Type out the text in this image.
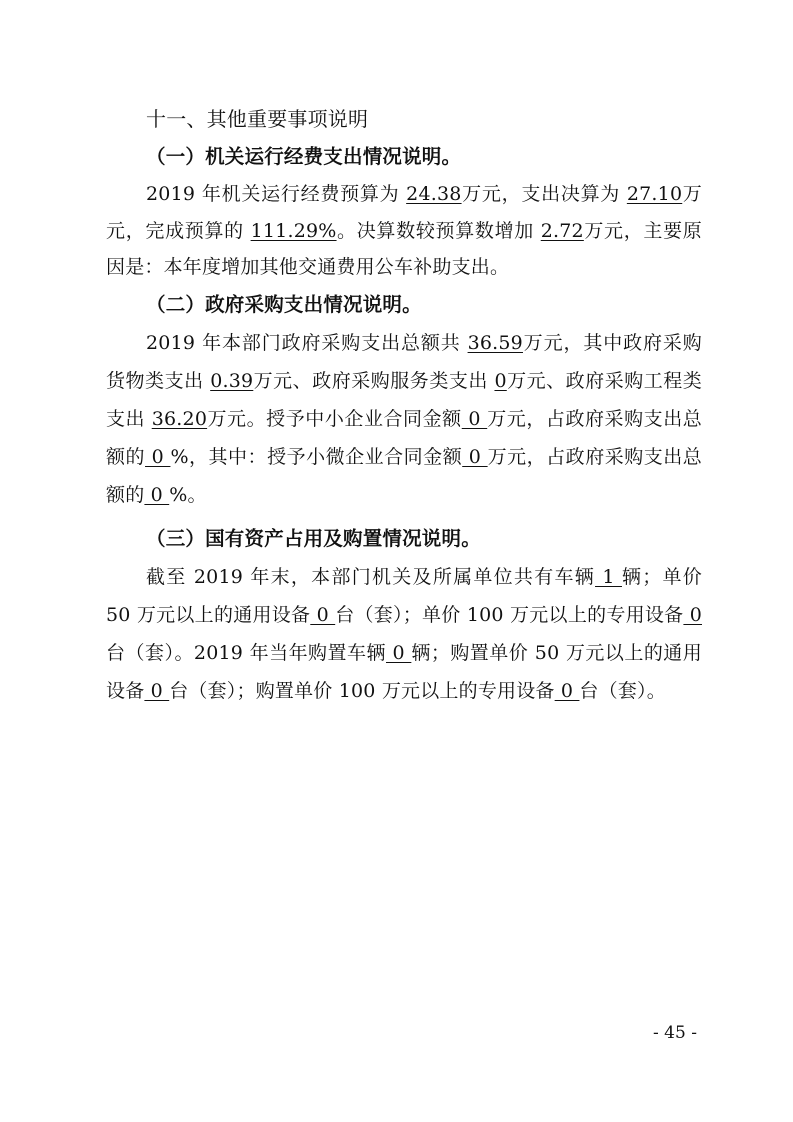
十一、其他重要事项说明
（一）机关运行经费支出情况说明。

2019 年机关运行经费预算为 24.38万元，支出决算为 27.10万元，完成预算的 111.29%。决算数较预算数增加 2.72万元，主要原因是：本年度增加其他交通费用公车补助支出。

（二）政府采购支出情况说明。

2019 年本部门政府采购支出总额共 36.59万元，其中政府采购货物类支出 0.39万元、政府采购服务类支出 0万元、政府采购工程类支出 36.20万元。授予中小企业合同金额 0 万元，占政府采购支出总额的 0 %，其中：授予小微企业合同金额 0 万元，占政府采购支出总额的 0 %。

（三）国有资产占用及购置情况说明。

截至 2019 年末，本部门机关及所属单位共有车辆 1 辆；单价 50 万元以上的通用设备 0 台（套）；单价 100 万元以上的专用设备 0 台（套）。2019 年当年购置车辆 0 辆；购置单价 50 万元以上的通用设备 0 台（套）；购置单价 100 万元以上的专用设备 0 台（套）。

- 45 -
